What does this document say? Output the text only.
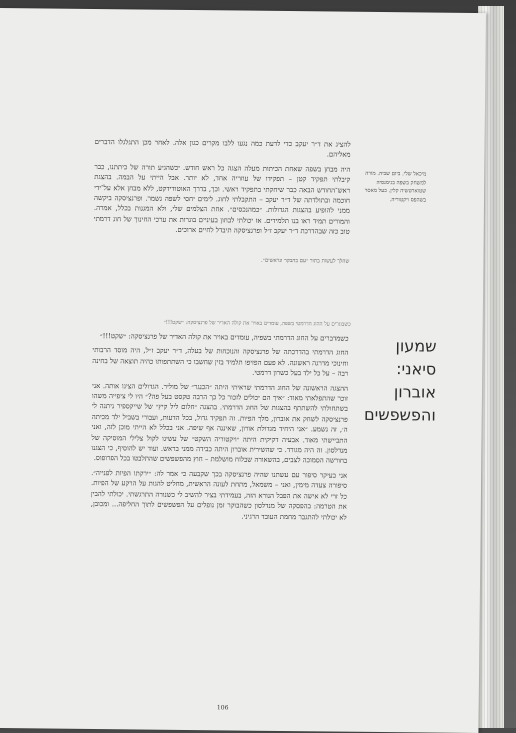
להציג את ד״ר יעקב כדי לדעת כמה נגעו ללבו מקרים כגון אלה. לאחר מכן התגלגלו הדברים מאליהם.

היה מבחן בשפה שאחת הכיתות מעלה הצגה כל ראש חודש. יכשהגיע תורה של כיתתנו, כבר קיבלתי תפקיד קטן – תפקידו של עוזריה אחד, לא יותר. אבל הייתי על הבמה. בהצגת ראש־החודש הבאה כבר שיחקתי בתפקיד ראשי. וכך, בדרך האוטודידקט, ללא מבחן אלא על־ידי חוכמה ובתולדתה של ד״ר יעקב – התקבלתי לחוג. לימים יחסי לשפה נשמר. ופרנציסקה ביקשה ממני להופיע בהצגות הגדולות. ״כמהנכסים״. אחת הצלמים שלי, ולא המגנות בכלל, אמרה. והמורים תמיד ראו בנו תלמידים. אז יכולתי לבחון בעיניים בוגרות את ערכי החינוך של חוג דרמתי טוב כזה שבהדרכת ד״ר יעקב ז״ל ופרנציסקה תיבדל לחיים ארוכים.

שהלך לעשות בתור ״עם בהבקר ונראשים״.
מיכאל שלי. ביום שביה. מורה למשחק בשפה בגימנסיה שטוארטשיה קלין. כעל מאסר בשהפס ויקטוריה.
כשבוגרים על ההוג הדרמטי בשפה, עומדים באויר את קולה האדיר של פרנציסקה: ״שקט!!!״
שמעון סיאני:
אוברון
והפשפשים

כשמדברים על החוג הדרמתי בשפיה, עומדים באויר את קולה האדיר של פרנציסקה: ״שקט!!!״

החוג הדרמתי בהדרכתה של פרנציסקה והנוכחות של בעלה, ד״ר יעקב ז״ל, היה מוסד הרבותי וחינוכי מדרגה ראשונה. לא פעם הפזיפו תלמיד בזין שחשבו כי השתתפותו כהיה תוצאה של בחינה רבה – על כל ילד בעל כשרון דרמטי.

ההצגה הראשונה של החוג הדרמתי שראיתי היתה ״הכנגר״ של מוליר. הגדולים הציגו אותה. אני זוכר שהתפלאתי מאוד: ״איך הם יכולים לזכור כל כך הרבה טקסט בעל פה?״ היו לי ציפייה משהו בשתחולתי להשתתף בהצגות של החוג הדרמתי. בהצגה ״חלום ליל קיץ״ של שייקספיר ניתנה לי פרנציסקה לשחק את אוברון, מלך הפיות. זה תפקיד גדול, בכל הדעות, ועבורי בשביל ילד מכיתה ה׳, זה נשמע. ״אני היחיד מגדולת אורון, שאיננה אף שיפה. אני בכלל לא הייתי מוכן לזה, ואני התביישתי מאוד. אבעיה דקיקית היתה ״ויקטוריה השקט״ של עשינו לקול צלילי המוסיקה של מנדלסון. זה היה מגורד. כי שהשירית אוברון היתה כבידה ממני בראש. ועוד יש להוסיף, כי הצגנו בחורשה הסמוכה לצבים, בהשאורה שבלוח מושלמת – חוץ מהפשפשים שהתלבטו בכל הפרופוס.

אני בעיקר סיפור עם עשתנו שהיה פרנציסקה בכך שקבעה כי אמר לה: ״ירקתו הפיות לפנייה״. סיפורה צעדה מימין, ואני – משמאל, מתחת לעונה הראשית, מחליט להגות על הרקע של הפיות. כל זרי לא אישה את הפבל הנורא הזה, בעמידתי בציר להשיב לי כשנורה התרגשתי. יכולתי להבין את הטרמה: בהפסקה של מנדלסון כשהבוקר זמן נופלים על הפשפשים לתוך החליפה... ומכובן, לא יכולתי להתגבר מחמת העובד הרגיני.

106
